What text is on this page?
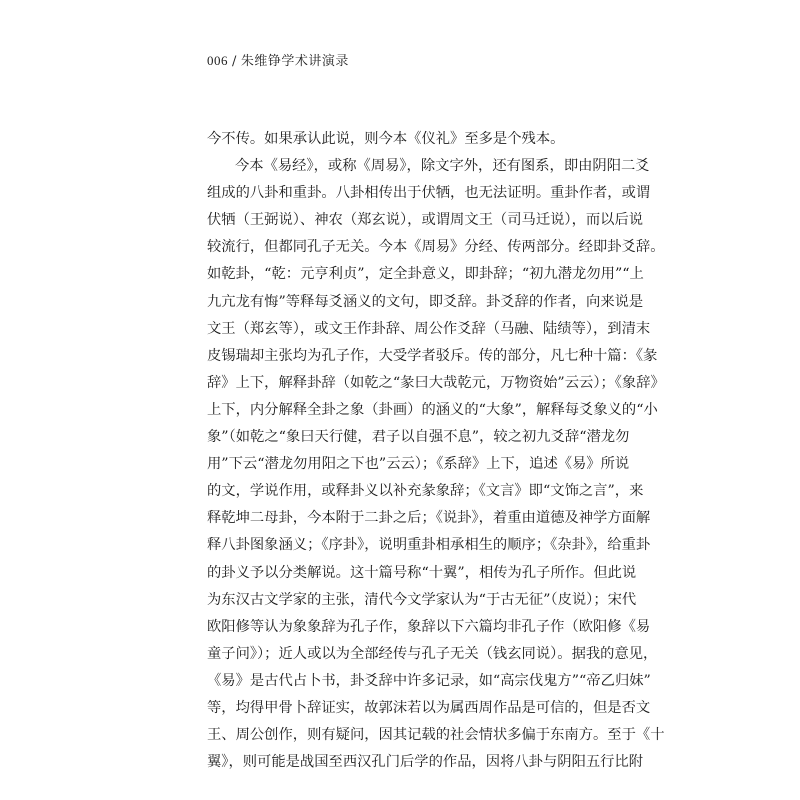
006 / 朱维铮学术讲演录
今不传。如果承认此说，则今本《仪礼》至多是个残本。
今本《易经》，或称《周易》，除文字外，还有图系，即由阴阳二爻
组成的八卦和重卦。八卦相传出于伏牺，也无法证明。重卦作者，或谓
伏牺（王弼说）、神农（郑玄说），或谓周文王（司马迁说），而以后说
较流行，但都同孔子无关。今本《周易》分经、传两部分。经即卦爻辞。
如乾卦，“乾：元亨利贞”，定全卦意义，即卦辞；“初九潜龙勿用”“上
九亢龙有悔”等释每爻涵义的文句，即爻辞。卦爻辞的作者，向来说是
文王（郑玄等），或文王作卦辞、周公作爻辞（马融、陆绩等），到清末
皮锡瑞却主张均为孔子作，大受学者驳斥。传的部分，凡七种十篇：《彖
辞》上下，解释卦辞（如乾之“彖曰大哉乾元，万物资始”云云）；《象辞》
上下，内分解释全卦之象（卦画）的涵义的“大象”，解释每爻象义的“小
象”（如乾之“象曰天行健，君子以自强不息”，较之初九爻辞“潜龙勿
用”下云“潜龙勿用阳之下也”云云）；《系辞》上下，追述《易》所说
的文，学说作用，或释卦义以补充彖象辞；《文言》即“文饰之言”，来
释乾坤二母卦，今本附于二卦之后；《说卦》，着重由道德及神学方面解
释八卦图象涵义；《序卦》，说明重卦相承相生的顺序；《杂卦》，给重卦
的卦义予以分类解说。这十篇号称“十翼”，相传为孔子所作。但此说
为东汉古文学家的主张，清代今文学家认为“于古无征”（皮说）；宋代
欧阳修等认为象象辞为孔子作，象辞以下六篇均非孔子作（欧阳修《易
童子问》）；近人或以为全部经传与孔子无关（钱玄同说）。据我的意见，
《易》是古代占卜书，卦爻辞中许多记录，如“高宗伐鬼方”“帝乙归妹”
等，均得甲骨卜辞证实，故郭沫若以为属西周作品是可信的，但是否文
王、周公创作，则有疑问，因其记载的社会情状多偏于东南方。至于《十
翼》，则可能是战国至西汉孔门后学的作品，因将八卦与阴阳五行比附
